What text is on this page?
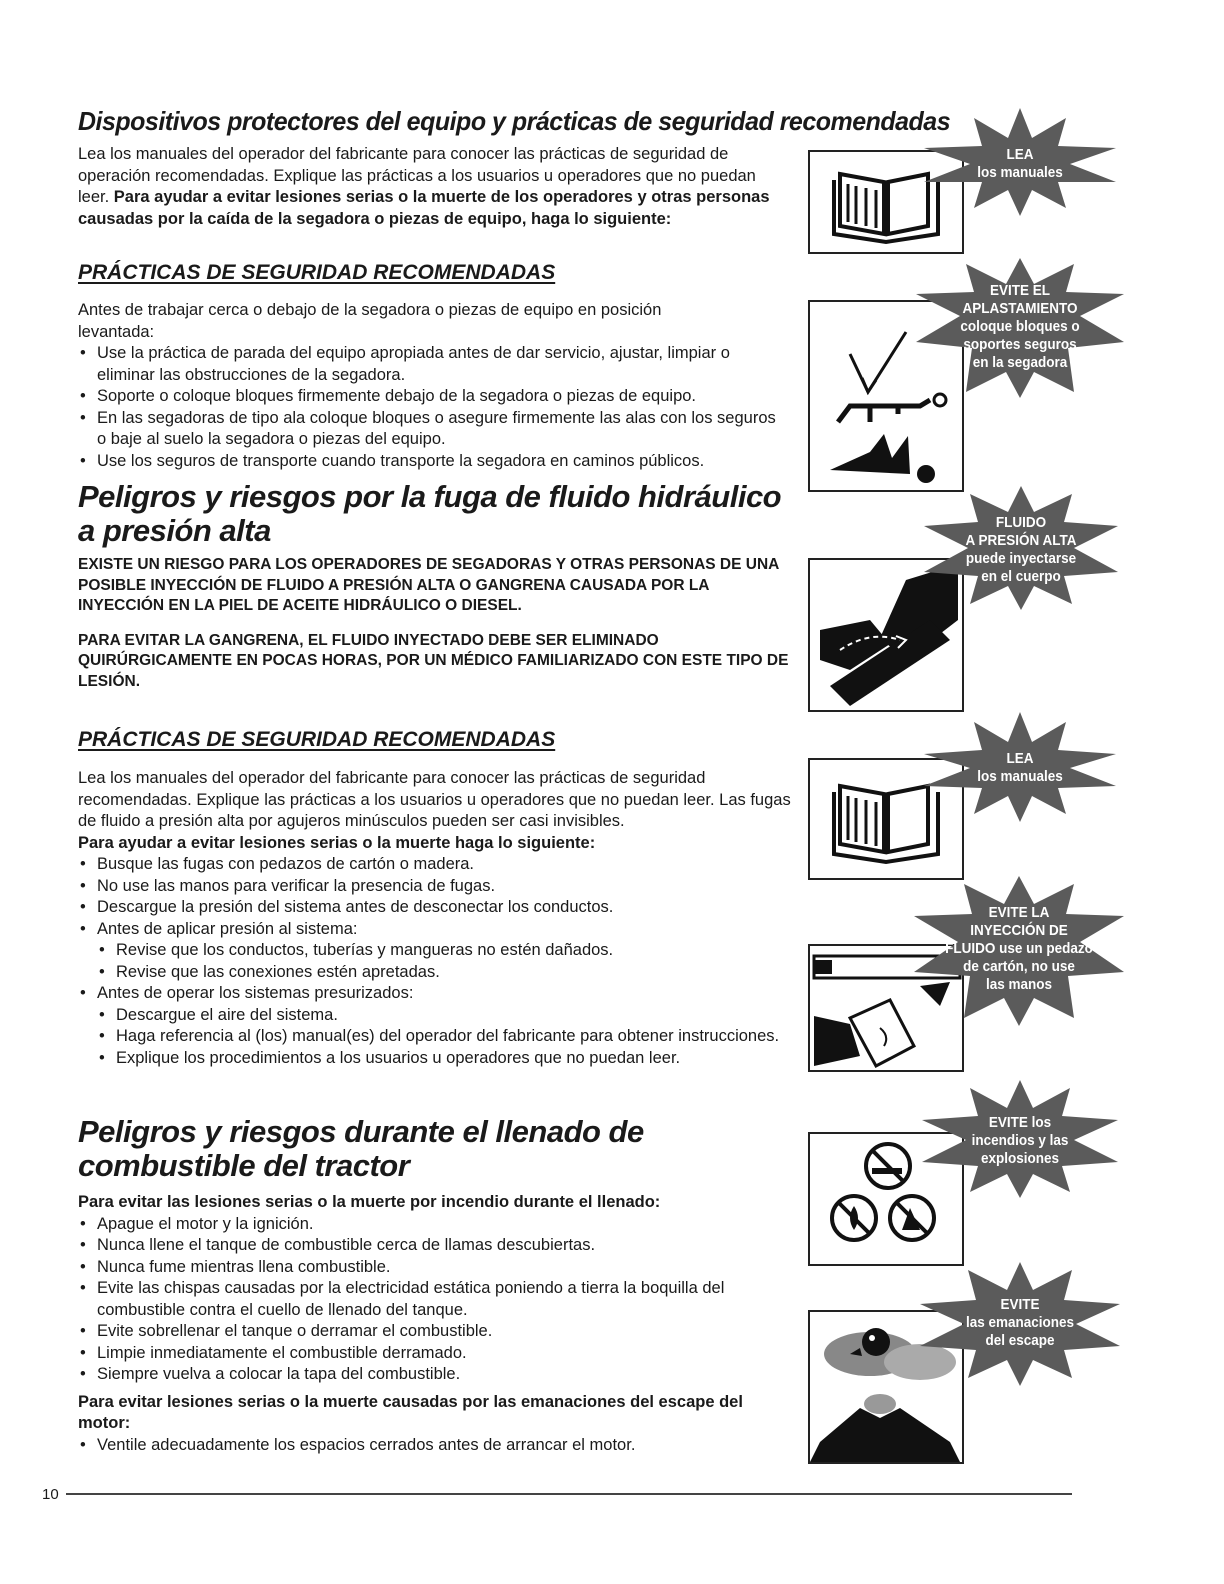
Dispositivos protectores del equipo y prácticas de seguridad recomendadas

Lea los manuales del operador del fabricante para conocer las prácticas de seguridad de operación recomendadas. Explique las prácticas a los usuarios u operadores que no puedan leer. Para ayudar a evitar lesiones serias o la muerte de los operadores y otras personas causadas por la caída de la segadora o piezas de equipo, haga lo siguiente:

PRÁCTICAS DE SEGURIDAD RECOMENDADAS

Antes de trabajar cerca o debajo de la segadora o piezas de equipo en posición levantada:

• Use la práctica de parada del equipo apropiada antes de dar servicio, ajustar, limpiar o eliminar las obstrucciones de la segadora.
• Soporte o coloque bloques firmemente debajo de la segadora o piezas de equipo.
• En las segadoras de tipo ala coloque bloques o asegure firmemente las alas con los seguros o baje al suelo la segadora o piezas del equipo.
• Use los seguros de transporte cuando transporte la segadora en caminos públicos.
Peligros y riesgos por la fuga de fluido hidráulico
a presión alta

EXISTE UN RIESGO PARA LOS OPERADORES DE SEGADORAS Y OTRAS PERSONAS DE UNA POSIBLE INYECCIÓN DE FLUIDO A PRESIÓN ALTA O GANGRENA CAUSADA POR LA INYECCIÓN EN LA PIEL DE ACEITE HIDRÁULICO O DIESEL.

PARA EVITAR LA GANGRENA, EL FLUIDO INYECTADO DEBE SER ELIMINADO QUIRÚRGICAMENTE EN POCAS HORAS, POR UN MÉDICO FAMILIARIZADO CON ESTE TIPO DE LESIÓN.

PRÁCTICAS DE SEGURIDAD RECOMENDADAS

Lea los manuales del operador del fabricante para conocer las prácticas de seguridad recomendadas. Explique las prácticas a los usuarios u operadores que no puedan leer. Las fugas de fluido a presión alta por agujeros minúsculos pueden ser casi invisibles.

Para ayudar a evitar lesiones serias o la muerte haga lo siguiente:

• Busque las fugas con pedazos de cartón o madera.
• No use las manos para verificar la presencia de fugas.
• Descargue la presión del sistema antes de desconectar los conductos.
• Antes de aplicar presión al sistema:
• Revise que los conductos, tuberías y mangueras no estén dañados.
• Revise que las conexiones estén apretadas.
• Antes de operar los sistemas presurizados:
• Descargue el aire del sistema.
• Haga referencia al (los) manual(es) del operador del fabricante para obtener instrucciones.
• Explique los procedimientos a los usuarios u operadores que no puedan leer.
Peligros y riesgos durante el llenado de
combustible del tractor

Para evitar las lesiones serias o la muerte por incendio durante el llenado:

• Apague el motor y la ignición.
• Nunca llene el tanque de combustible cerca de llamas descubiertas.
• Nunca fume mientras llena combustible.
• Evite las chispas causadas por la electricidad estática poniendo a tierra la boquilla del combustible contra el cuello de llenado del tanque.
• Evite sobrellenar el tanque o derramar el combustible.
• Limpie inmediatamente el combustible derramado.
• Siempre vuelva a colocar la tapa del combustible.

Para evitar lesiones serias o la muerte causadas por las emanaciones del escape del motor:

• Ventile adecuadamente los espacios cerrados antes de arrancar el motor.
LEA
los manuales
EVITE EL
APLASTAMIENTO
coloque bloques o
soportes seguros
en la segadora
FLUIDO
A PRESIÓN ALTA
puede inyectarse
en el cuerpo
LEA
los manuales
EVITE LA
INYECCIÓN DE
FLUIDO use un pedazo
de cartón, no use
las manos
EVITE los
incendios y las
explosiones
EVITE
las emanaciones
del escape
10
